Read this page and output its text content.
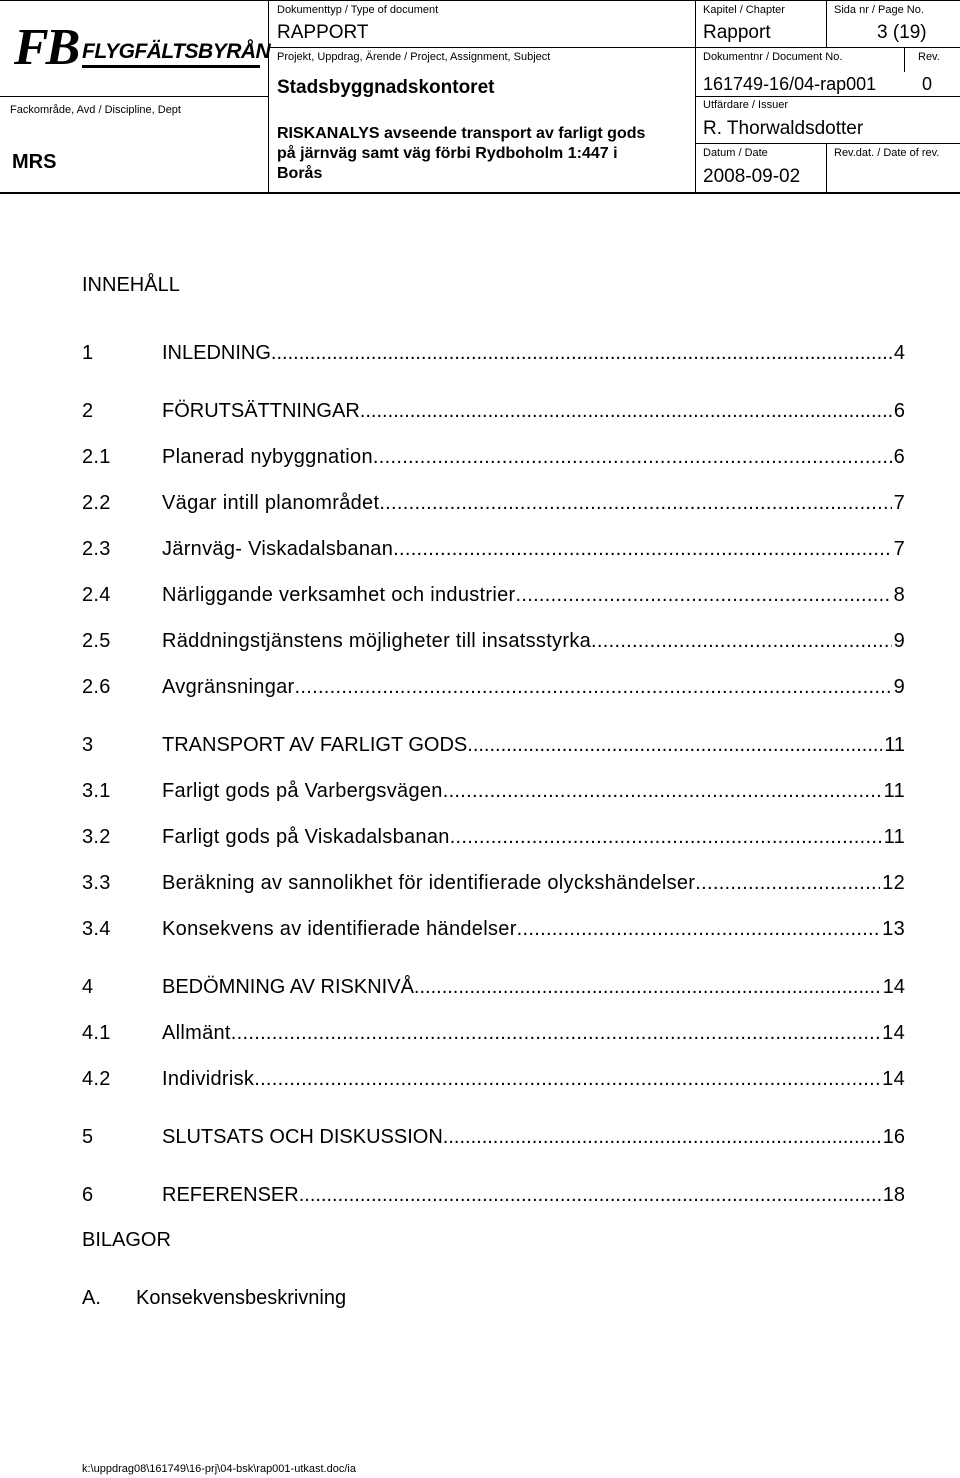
FB FLYGFÄLTSBYRÅN
Fackområde, Avd / Discipline, Dept
MRS
Dokumenttyp / Type of document
RAPPORT
Projekt, Uppdrag, Ärende / Project, Assignment, Subject
Stadsbyggnadskontoret
RISKANALYS avseende transport av farligt gods
på järnväg samt väg förbi Rydboholm 1:447 i
Borås
Kapitel / Chapter
Rapport
Sida nr / Page No.
3 (19)
Dokumentnr / Document No.
161749-16/04-rap001
Rev.
0
Utfärdare / Issuer
R. Thorwaldsdotter
Datum / Date
2008-09-02
Rev.dat. / Date of rev.
INNEHÅLL
1	INLEDNING .....	4
2	FÖRUTSÄTTNINGAR .....	6
2.1	Planerad nybyggnation .....	6
2.2	Vägar intill planområdet .....	7
2.3	Järnväg- Viskadalsbanan .....	7
2.4	Närliggande verksamhet och industrier .....	8
2.5	Räddningstjänstens möjligheter till insatsstyrka .....	9
2.6	Avgränsningar .....	9
3	TRANSPORT AV FARLIGT GODS .....	11
3.1	Farligt gods på Varbergsvägen .....	11
3.2	Farligt gods på Viskadalsbanan .....	11
3.3	Beräkning av sannolikhet för identifierade olyckshändelser .....	12
3.4	Konsekvens av identifierade händelser .....	13
4	BEDÖMNING AV RISKNIVÅ .....	14
4.1	Allmänt .....	14
4.2	Individrisk .....	14
5	SLUTSATS OCH DISKUSSION .....	16
6	REFERENSER .....	18
BILAGOR
A. Konsekvensbeskrivning
k:\uppdrag08\161749\16-prj\04-bsk\rap001-utkast.doc/ia
